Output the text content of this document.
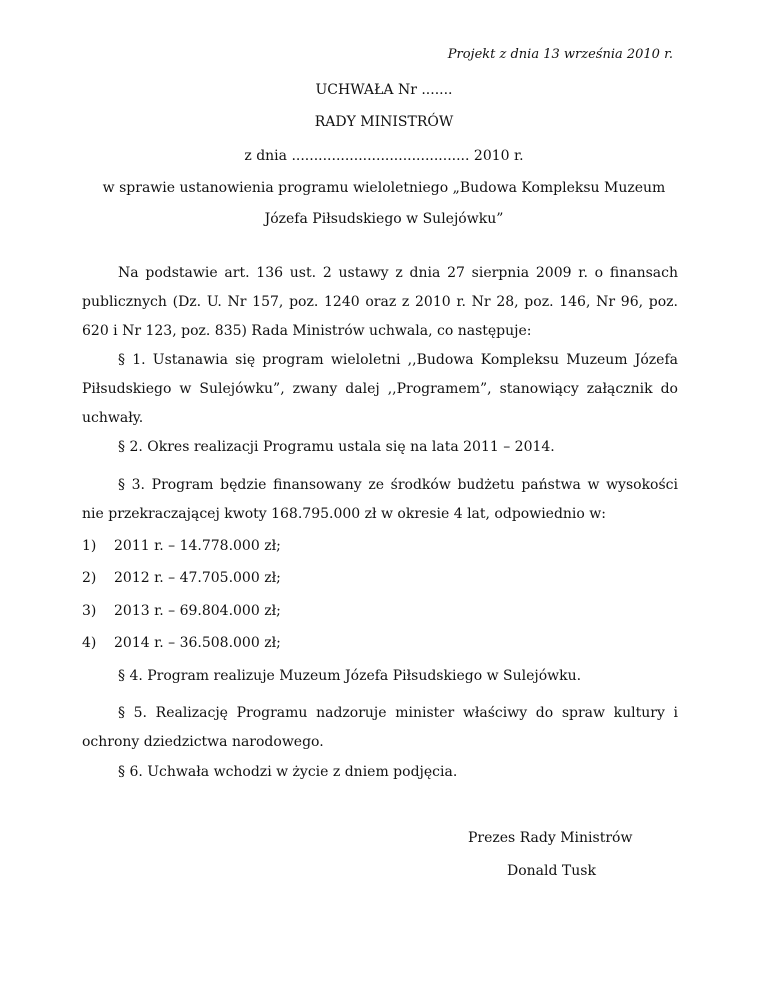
Projekt z dnia 13 września 2010 r.
UCHWAŁA Nr .......
RADY MINISTRÓW
z dnia ........................................ 2010 r.
w sprawie ustanowienia programu wieloletniego „Budowa Kompleksu Muzeum
Józefa Piłsudskiego w Sulejówku”

Na podstawie art. 136 ust. 2 ustawy z dnia 27 sierpnia 2009 r. o finansach publicznych (Dz. U. Nr 157, poz. 1240 oraz z 2010 r. Nr 28, poz. 146, Nr 96, poz. 620 i Nr 123, poz. 835) Rada Ministrów uchwala, co następuje:

§ 1. Ustanawia się program wieloletni ,,Budowa Kompleksu Muzeum Józefa Piłsudskiego w Sulejówku”, zwany dalej ,,Programem”, stanowiący załącznik do uchwały.

§ 2. Okres realizacji Programu ustala się na lata 2011 – 2014.

§ 3. Program będzie finansowany ze środków budżetu państwa w wysokości nie przekraczającej kwoty 168.795.000 zł w okresie 4 lat, odpowiednio w:

1) 2011 r. – 14.778.000 zł;
2) 2012 r. – 47.705.000 zł;
3) 2013 r. – 69.804.000 zł;
4) 2014 r. – 36.508.000 zł;

§ 4. Program realizuje Muzeum Józefa Piłsudskiego w Sulejówku.

§ 5. Realizację Programu nadzoruje minister właściwy do spraw kultury i ochrony dziedzictwa narodowego.

§ 6. Uchwała wchodzi w życie z dniem podjęcia.

Prezes Rady Ministrów
Donald Tusk
